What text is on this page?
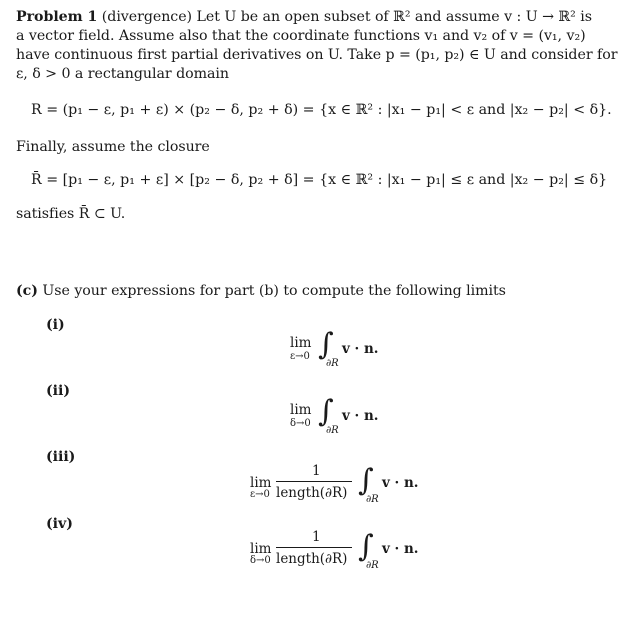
Problem 1 (divergence) Let U be an open subset of ℝ² and assume v : U → ℝ² is
a vector field. Assume also that the coordinate functions v₁ and v₂ of v = (v₁, v₂)
have continuous first partial derivatives on U. Take p = (p₁, p₂) ∈ U and consider for
ε, δ > 0 a rectangular domain
R = (p₁ − ε, p₁ + ε) × (p₂ − δ, p₂ + δ) = {x ∈ ℝ² : |x₁ − p₁| < ε and |x₂ − p₂| < δ}.
Finally, assume the closure
R̄ = [p₁ − ε, p₁ + ε] × [p₂ − δ, p₂ + δ] = {x ∈ ℝ² : |x₁ − p₁| ≤ ε and |x₂ − p₂| ≤ δ}
satisfies R̄ ⊂ U.
(c) Use your expressions for part (b) to compute the following limits
(i)
lim
ε→0 ∫
∂R
v · n.
(ii)
lim
δ→0 ∫
∂R
v · n.
(iii)
lim
ε→0
1
length(∂R) ∫
∂R
v · n.
(iv)
lim
δ→0
1
length(∂R) ∫
∂R
v · n.
